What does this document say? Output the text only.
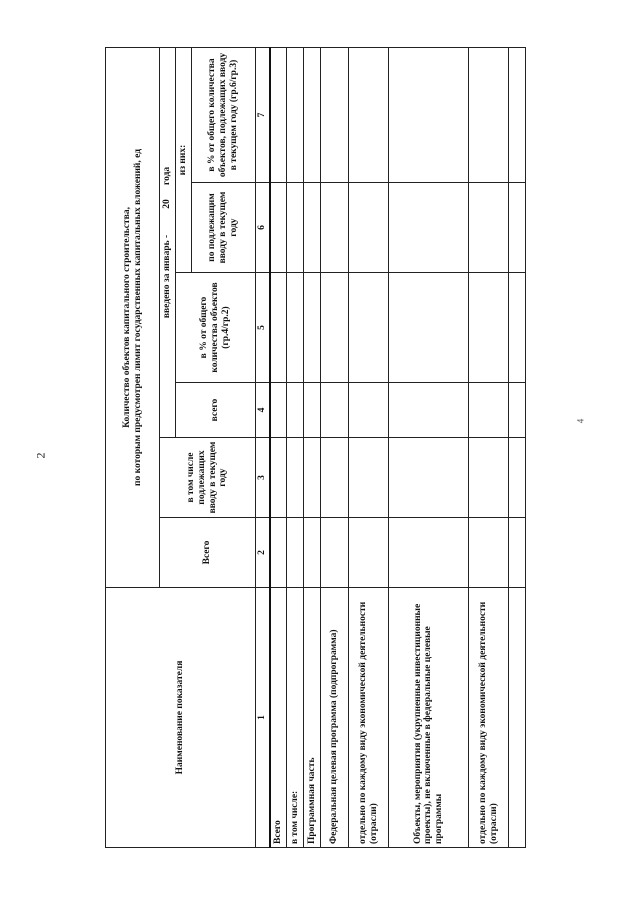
2
4
Наименование показателя	Количество объектов капитального строительства,
по которым предусмотрен лимит государственных капитальных вложений, ед					
	Всего	в том числе подлежащих вводу в текущем году	введено за январь -           20      года			
			всего	в % от общего количества объектов (гр.4/гр.2)	из них:	
					по подлежащим вводу в текущем году	в % от общего количества объектов, подлежащих вводу в текущем году (гр.6/гр.3)
1	2	3	4	5	6	7
Всего						
в том числе:						
Программная часть						
Федеральная целевая программа (подпрограмма)						
отдельно по каждому виду экономической деятельности (отрасли)						
Объекты, мероприятия (укрупненные инвестиционные проекты), не включенные в федеральные целевые программы						
отдельно по каждому виду экономической деятельности (отрасли)						
